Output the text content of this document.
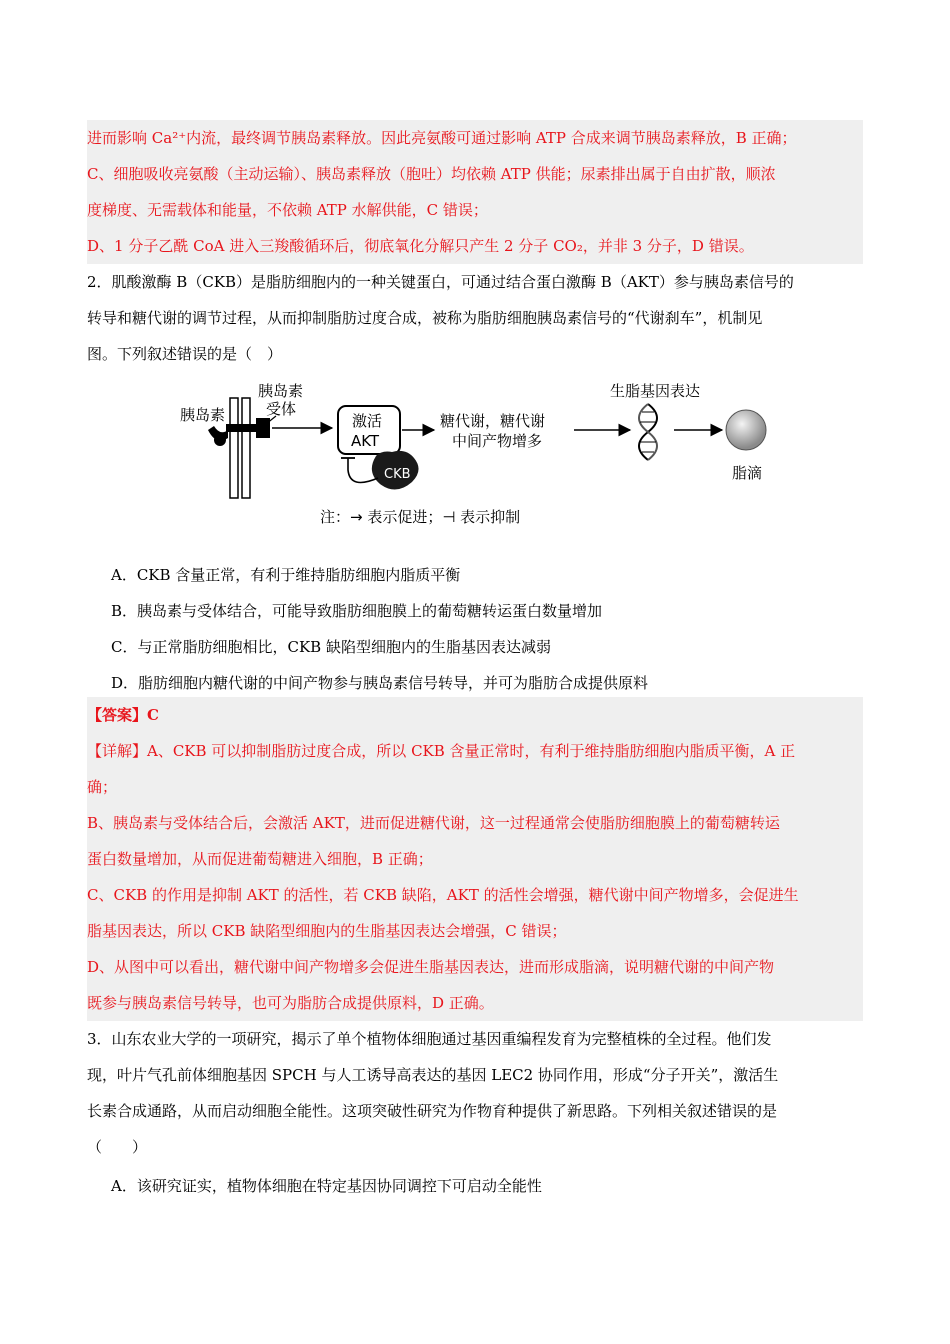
进而影响 Ca²⁺内流，最终调节胰岛素释放。因此亮氨酸可通过影响 ATP 合成来调节胰岛素释放，B 正确；
C、细胞吸收亮氨酸（主动运输）、胰岛素释放（胞吐）均依赖 ATP 供能；尿素排出属于自由扩散，顺浓
度梯度、无需载体和能量，不依赖 ATP 水解供能，C 错误；
D、1 分子乙酰 CoA 进入三羧酸循环后，彻底氧化分解只产生 2 分子 CO₂，并非 3 分子，D 错误。
2．肌酸激酶 B（CKB）是脂肪细胞内的一种关键蛋白，可通过结合蛋白激酶 B（AKT）参与胰岛素信号的
转导和糖代谢的调节过程，从而抑制脂肪过度合成，被称为脂肪细胞胰岛素信号的“代谢刹车”，机制见
图。下列叙述错误的是（　）
胰岛素
胰岛素
受体
激活
AKT
CKB
糖代谢，糖代谢
中间产物增多
生脂基因表达
脂滴
注：→ 表示促进；⊣ 表示抑制
A．CKB 含量正常，有利于维持脂肪细胞内脂质平衡
B．胰岛素与受体结合，可能导致脂肪细胞膜上的葡萄糖转运蛋白数量增加
C．与正常脂肪细胞相比，CKB 缺陷型细胞内的生脂基因表达减弱
D．脂肪细胞内糖代谢的中间产物参与胰岛素信号转导，并可为脂肪合成提供原料
【答案】C
【详解】A、CKB 可以抑制脂肪过度合成，所以 CKB 含量正常时，有利于维持脂肪细胞内脂质平衡，A 正
确；
B、胰岛素与受体结合后，会激活 AKT，进而促进糖代谢，这一过程通常会使脂肪细胞膜上的葡萄糖转运
蛋白数量增加，从而促进葡萄糖进入细胞，B 正确；
C、CKB 的作用是抑制 AKT 的活性，若 CKB 缺陷，AKT 的活性会增强，糖代谢中间产物增多，会促进生
脂基因表达，所以 CKB 缺陷型细胞内的生脂基因表达会增强，C 错误；
D、从图中可以看出，糖代谢中间产物增多会促进生脂基因表达，进而形成脂滴，说明糖代谢的中间产物
既参与胰岛素信号转导，也可为脂肪合成提供原料，D 正确。
3．山东农业大学的一项研究，揭示了单个植物体细胞通过基因重编程发育为完整植株的全过程。他们发
现，叶片气孔前体细胞基因 SPCH 与人工诱导高表达的基因 LEC2 协同作用，形成“分子开关”，激活生
长素合成通路，从而启动细胞全能性。这项突破性研究为作物育种提供了新思路。下列相关叙述错误的是
（　　）
A．该研究证实，植物体细胞在特定基因协同调控下可启动全能性
